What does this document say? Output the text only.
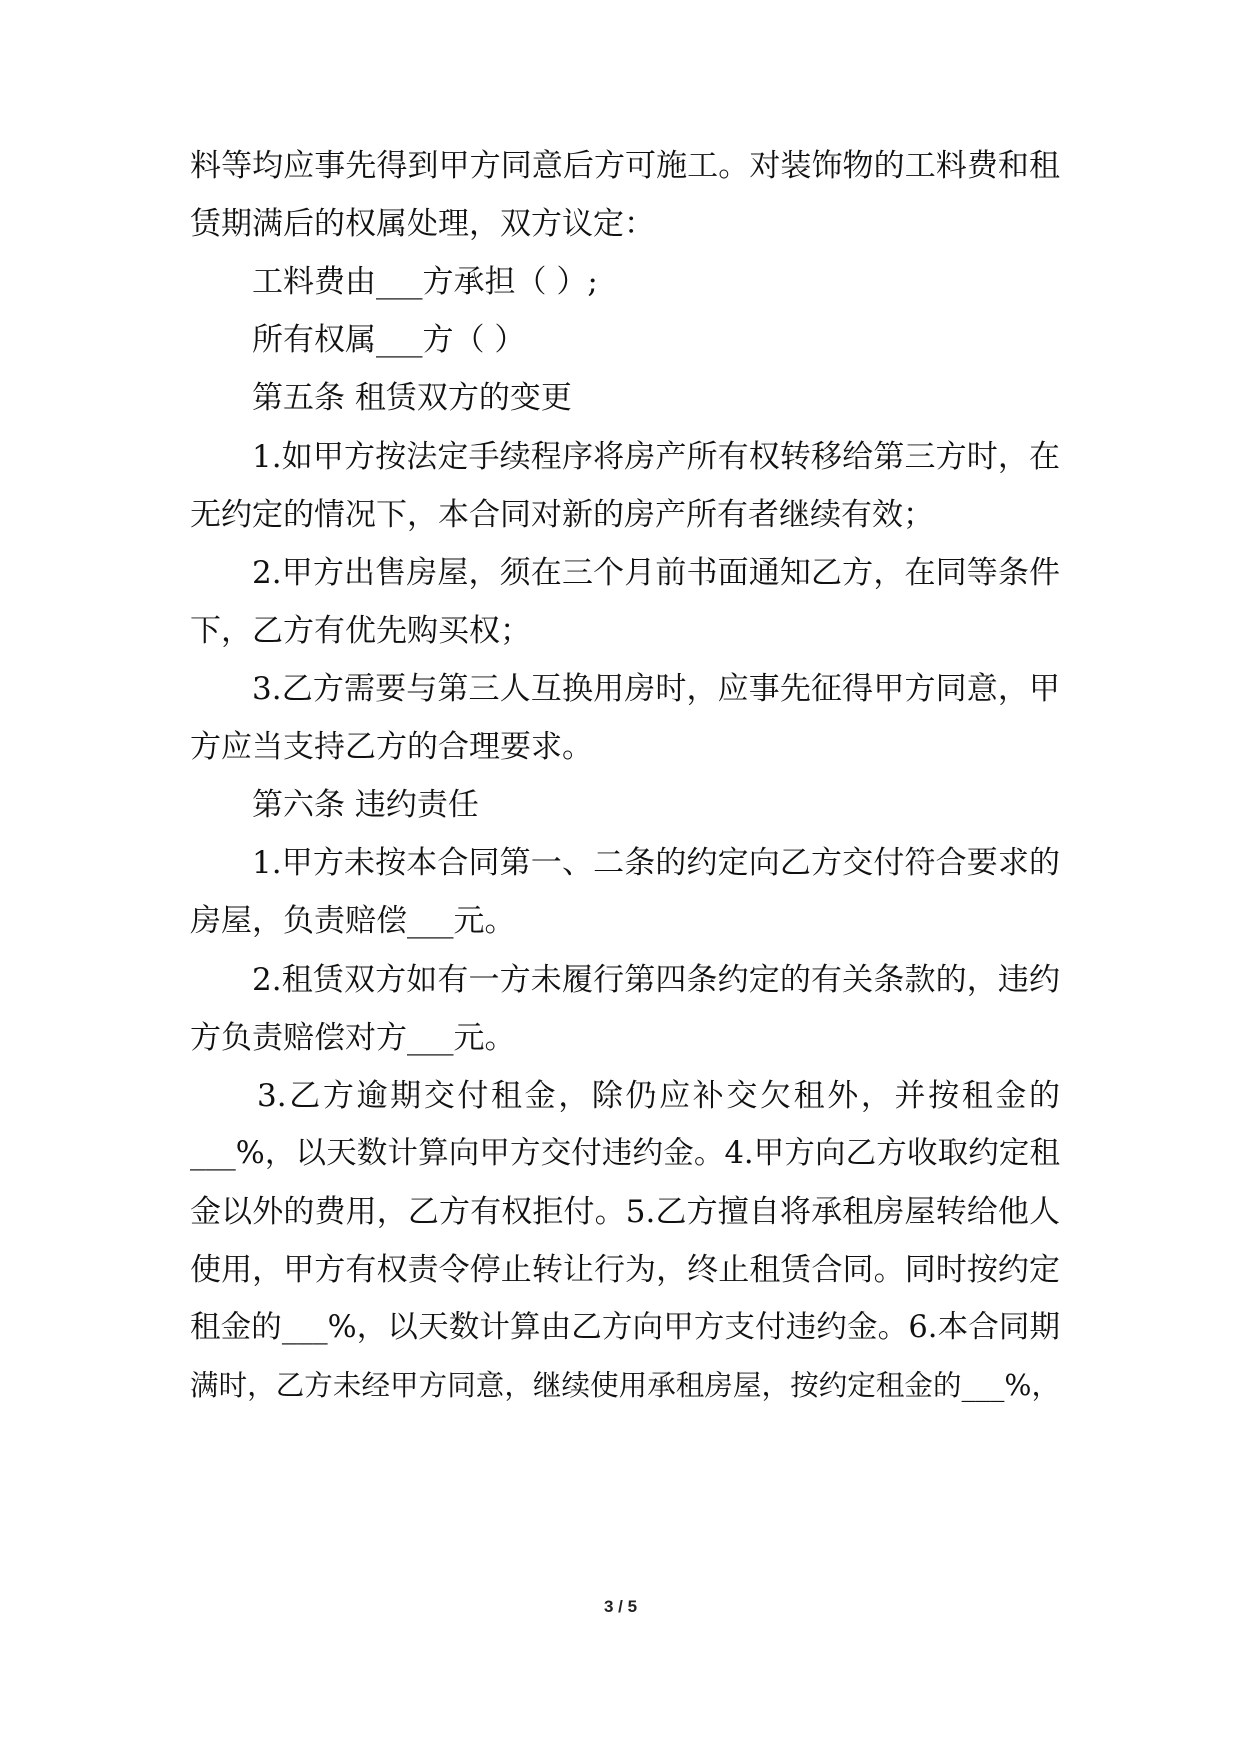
料等均应事先得到甲方同意后方可施工。对装饰物的工料费和租
赁期满后的权属处理，双方议定：
工料费由___方承担（ ）;
所有权属___方（ ）
第五条 租赁双方的变更
1.如甲方按法定手续程序将房产所有权转移给第三方时，在
无约定的情况下，本合同对新的房产所有者继续有效；
2.甲方出售房屋，须在三个月前书面通知乙方，在同等条件
下，乙方有优先购买权；
3.乙方需要与第三人互换用房时，应事先征得甲方同意，甲
方应当支持乙方的合理要求。
第六条 违约责任
1.甲方未按本合同第一、二条的约定向乙方交付符合要求的
房屋，负责赔偿___元。
2.租赁双方如有一方未履行第四条约定的有关条款的，违约
方负责赔偿对方___元。
3.乙方逾期交付租金，除仍应补交欠租外，并按租金的
___%，以天数计算向甲方交付违约金。4.甲方向乙方收取约定租
金以外的费用，乙方有权拒付。5.乙方擅自将承租房屋转给他人
使用，甲方有权责令停止转让行为，终止租赁合同。同时按约定
租金的___%，以天数计算由乙方向甲方支付违约金。6.本合同期
满时，乙方未经甲方同意，继续使用承租房屋，按约定租金的___%，
3 / 5
